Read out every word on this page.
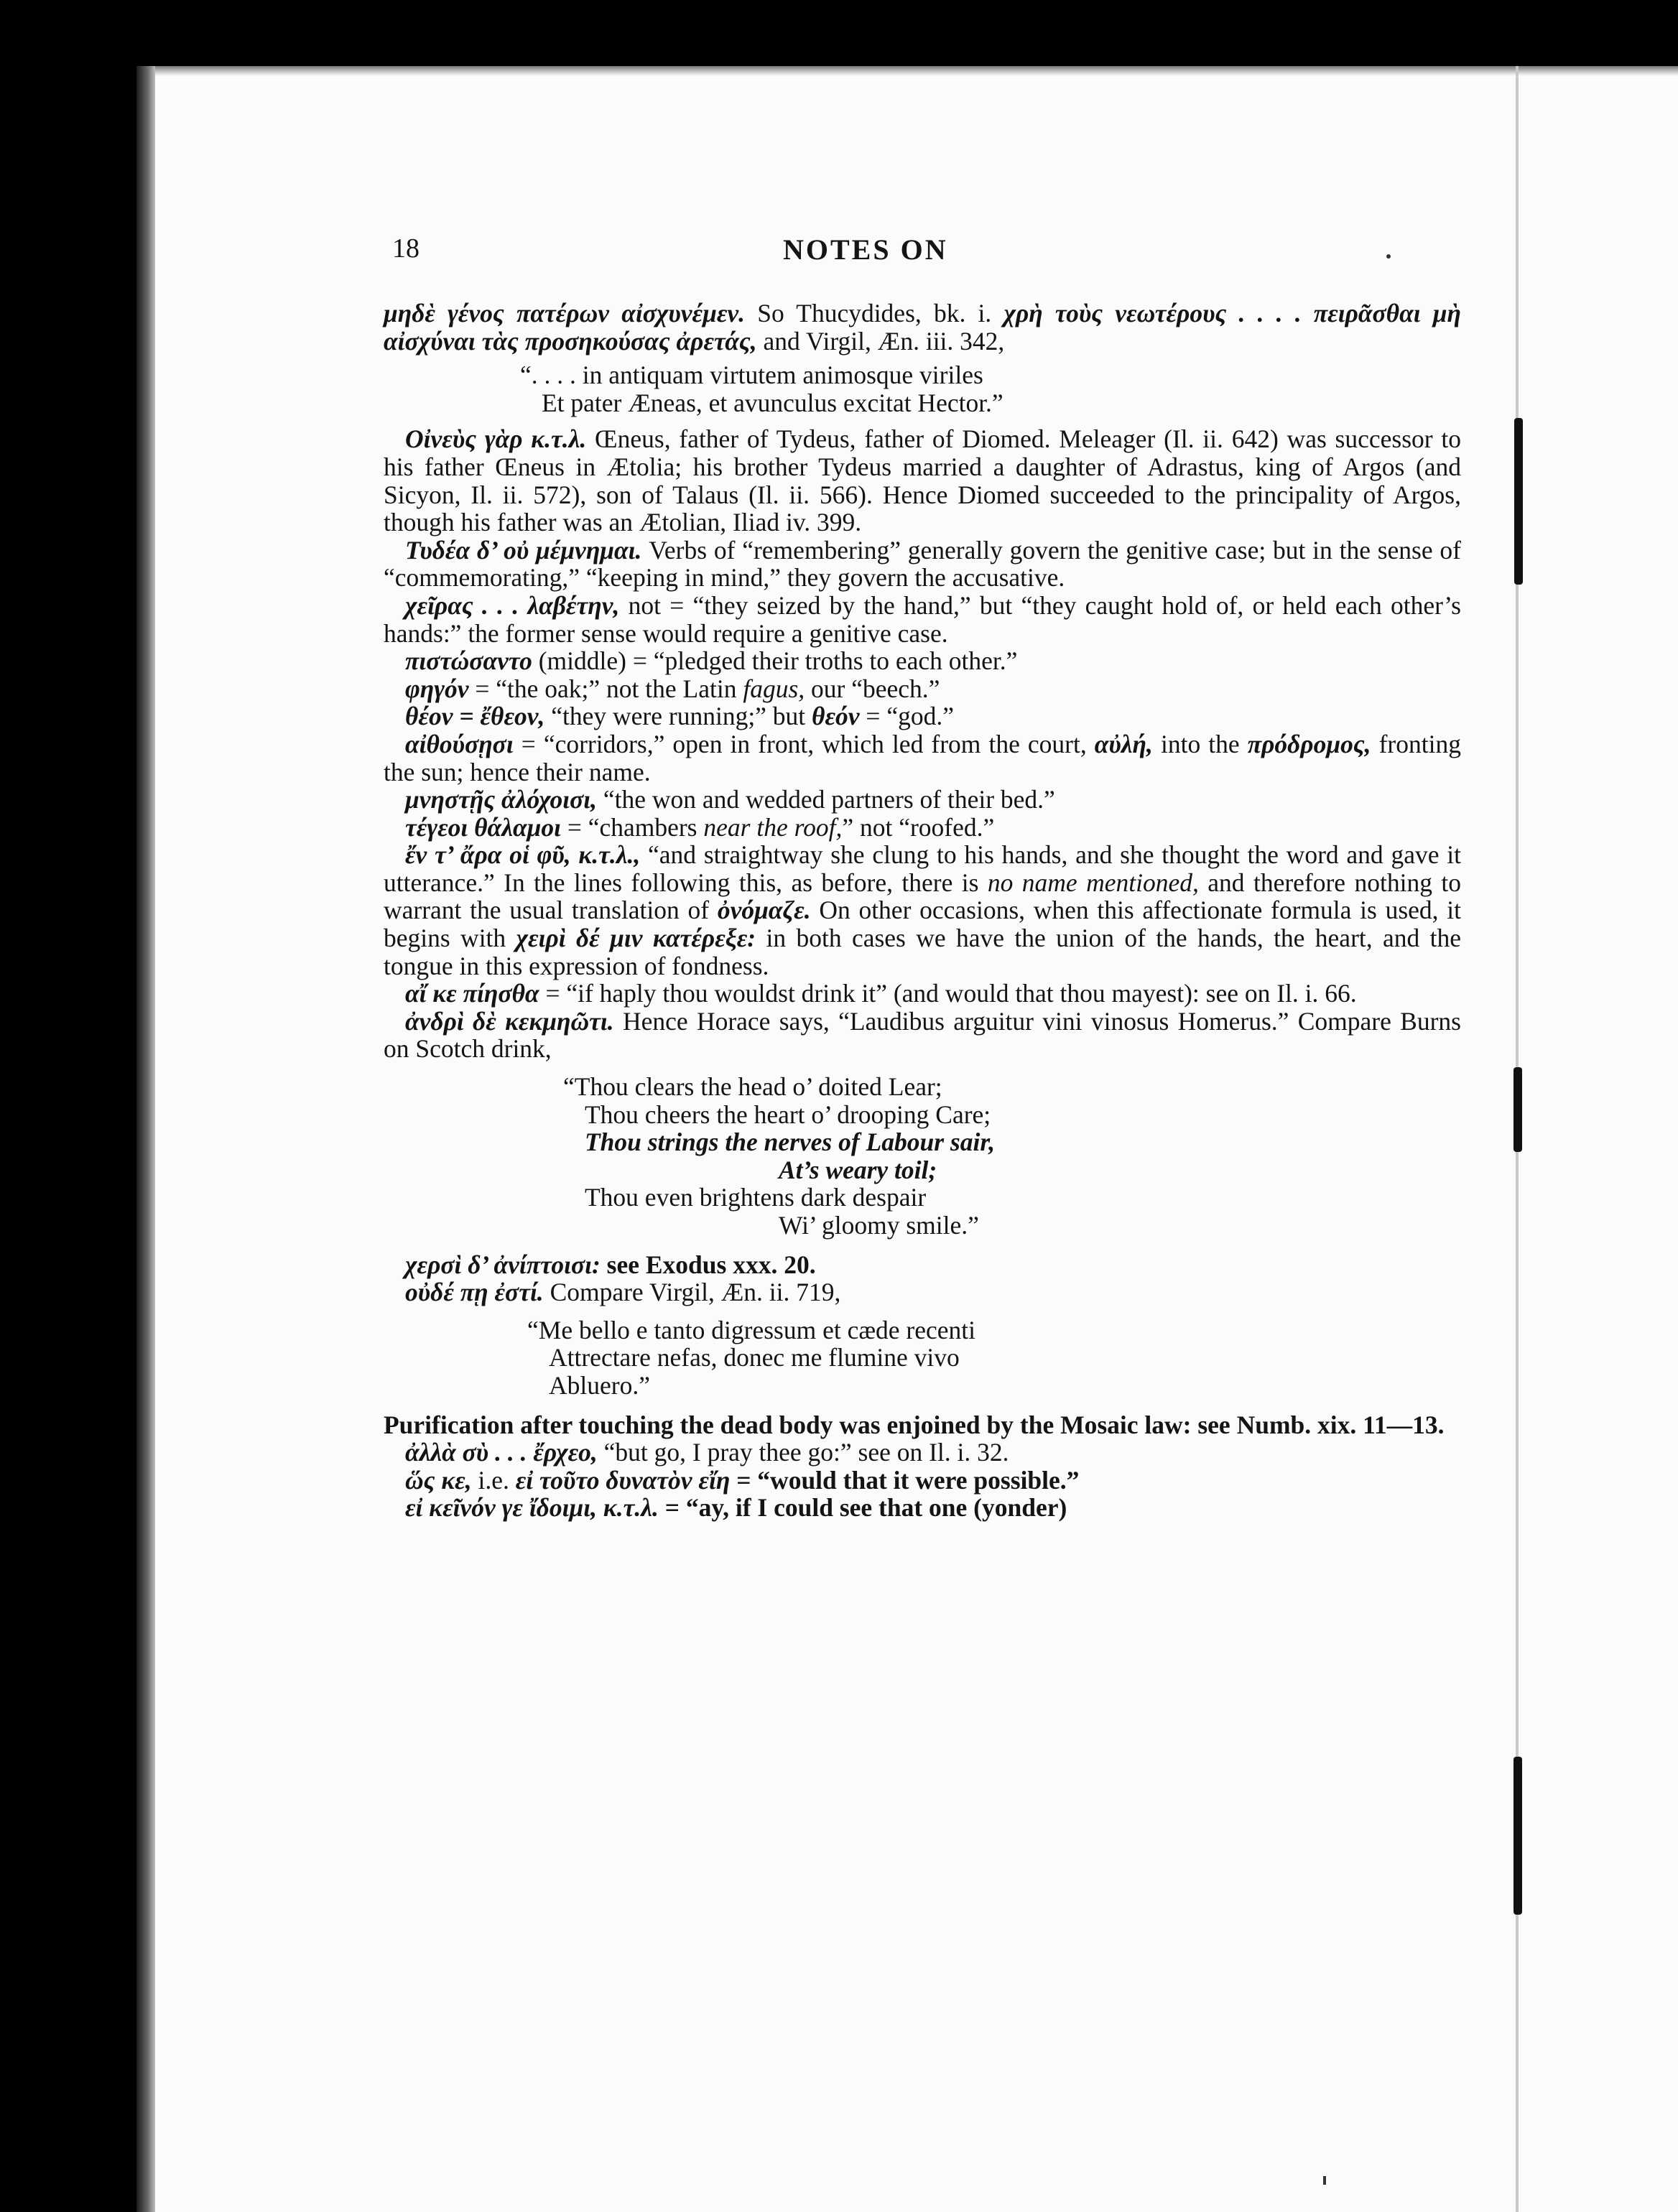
18	NOTES ON

μηδὲ γένος πατέρων αἰσχυνέμεν. So Thucydides, bk. i. χρὴ τοὺς νεωτέρους . . . . πειρᾶσθαι μὴ αἰσχύναι τὰς προσηκούσας ἀρετάς, and Virgil, Æn. iii. 342,

“. . . . in antiquam virtutem animosque viriles
Et pater Æneas, et avunculus excitat Hector.”

Οἰνεὺς γὰρ κ.τ.λ. Œneus, father of Tydeus, father of Diomed. Meleager (Il. ii. 642) was successor to his father Œneus in Ætolia; his brother Tydeus married a daughter of Adrastus, king of Argos (and Sicyon, Il. ii. 572), son of Talaus (Il. ii. 566). Hence Diomed succeeded to the principality of Argos, though his father was an Ætolian, Iliad iv. 399.

Τυδέα δ’ οὐ μέμνημαι. Verbs of “remembering” generally govern the genitive case; but in the sense of “commemorating,” “keeping in mind,” they govern the accusative.

χεῖρας . . . λαβέτην, not = “they seized by the hand,” but “they caught hold of, or held each other’s hands:” the former sense would require a genitive case.

πιστώσαντο (middle) = “pledged their troths to each other.”

φηγόν = “the oak;” not the Latin fagus, our “beech.”

θέον = ἔθεον, “they were running;” but θεόν = “god.”

αἰθούσῃσι = “corridors,” open in front, which led from the court, αὐλή, into the πρόδρομος, fronting the sun; hence their name.

μνηστῇς ἀλόχοισι, “the won and wedded partners of their bed.”

τέγεοι θάλαμοι = “chambers near the roof,” not “roofed.”

ἔν τ’ ἄρα οἱ φῦ, κ.τ.λ., “and straightway she clung to his hands, and she thought the word and gave it utterance.” In the lines following this, as before, there is no name mentioned, and therefore nothing to warrant the usual translation of ὀνόμαζε. On other occasions, when this affectionate formula is used, it begins with χειρὶ δέ μιν κατέρεξε: in both cases we have the union of the hands, the heart, and the tongue in this expression of fondness.

αἴ κε πίησθα = “if haply thou wouldst drink it” (and would that thou mayest): see on Il. i. 66.

ἀνδρὶ δὲ κεκμηῶτι. Hence Horace says, “Laudibus arguitur vini vinosus Homerus.” Compare Burns on Scotch drink,

“Thou clears the head o’ doited Lear;
Thou cheers the heart o’ drooping Care;
Thou strings the nerves of Labour sair,
At’s weary toil;
Thou even brightens dark despair
Wi’ gloomy smile.”

χερσὶ δ’ ἀνίπτοισι: see Exodus xxx. 20.

οὐδέ πῃ ἐστί. Compare Virgil, Æn. ii. 719,

“Me bello e tanto digressum et cæde recenti
Attrectare nefas, donec me flumine vivo
Abluero.”

Purification after touching the dead body was enjoined by the Mosaic law: see Numb. xix. 11—13.

ἀλλὰ σὺ . . . ἔρχεο, “but go, I pray thee go:” see on Il. i. 32.

ὥς κε, i.e. εἰ τοῦτο δυνατὸν εἴη = “would that it were possible.”

εἰ κεῖνόν γε ἴδοιμι, κ.τ.λ. = “ay, if I could see that one (yonder)
